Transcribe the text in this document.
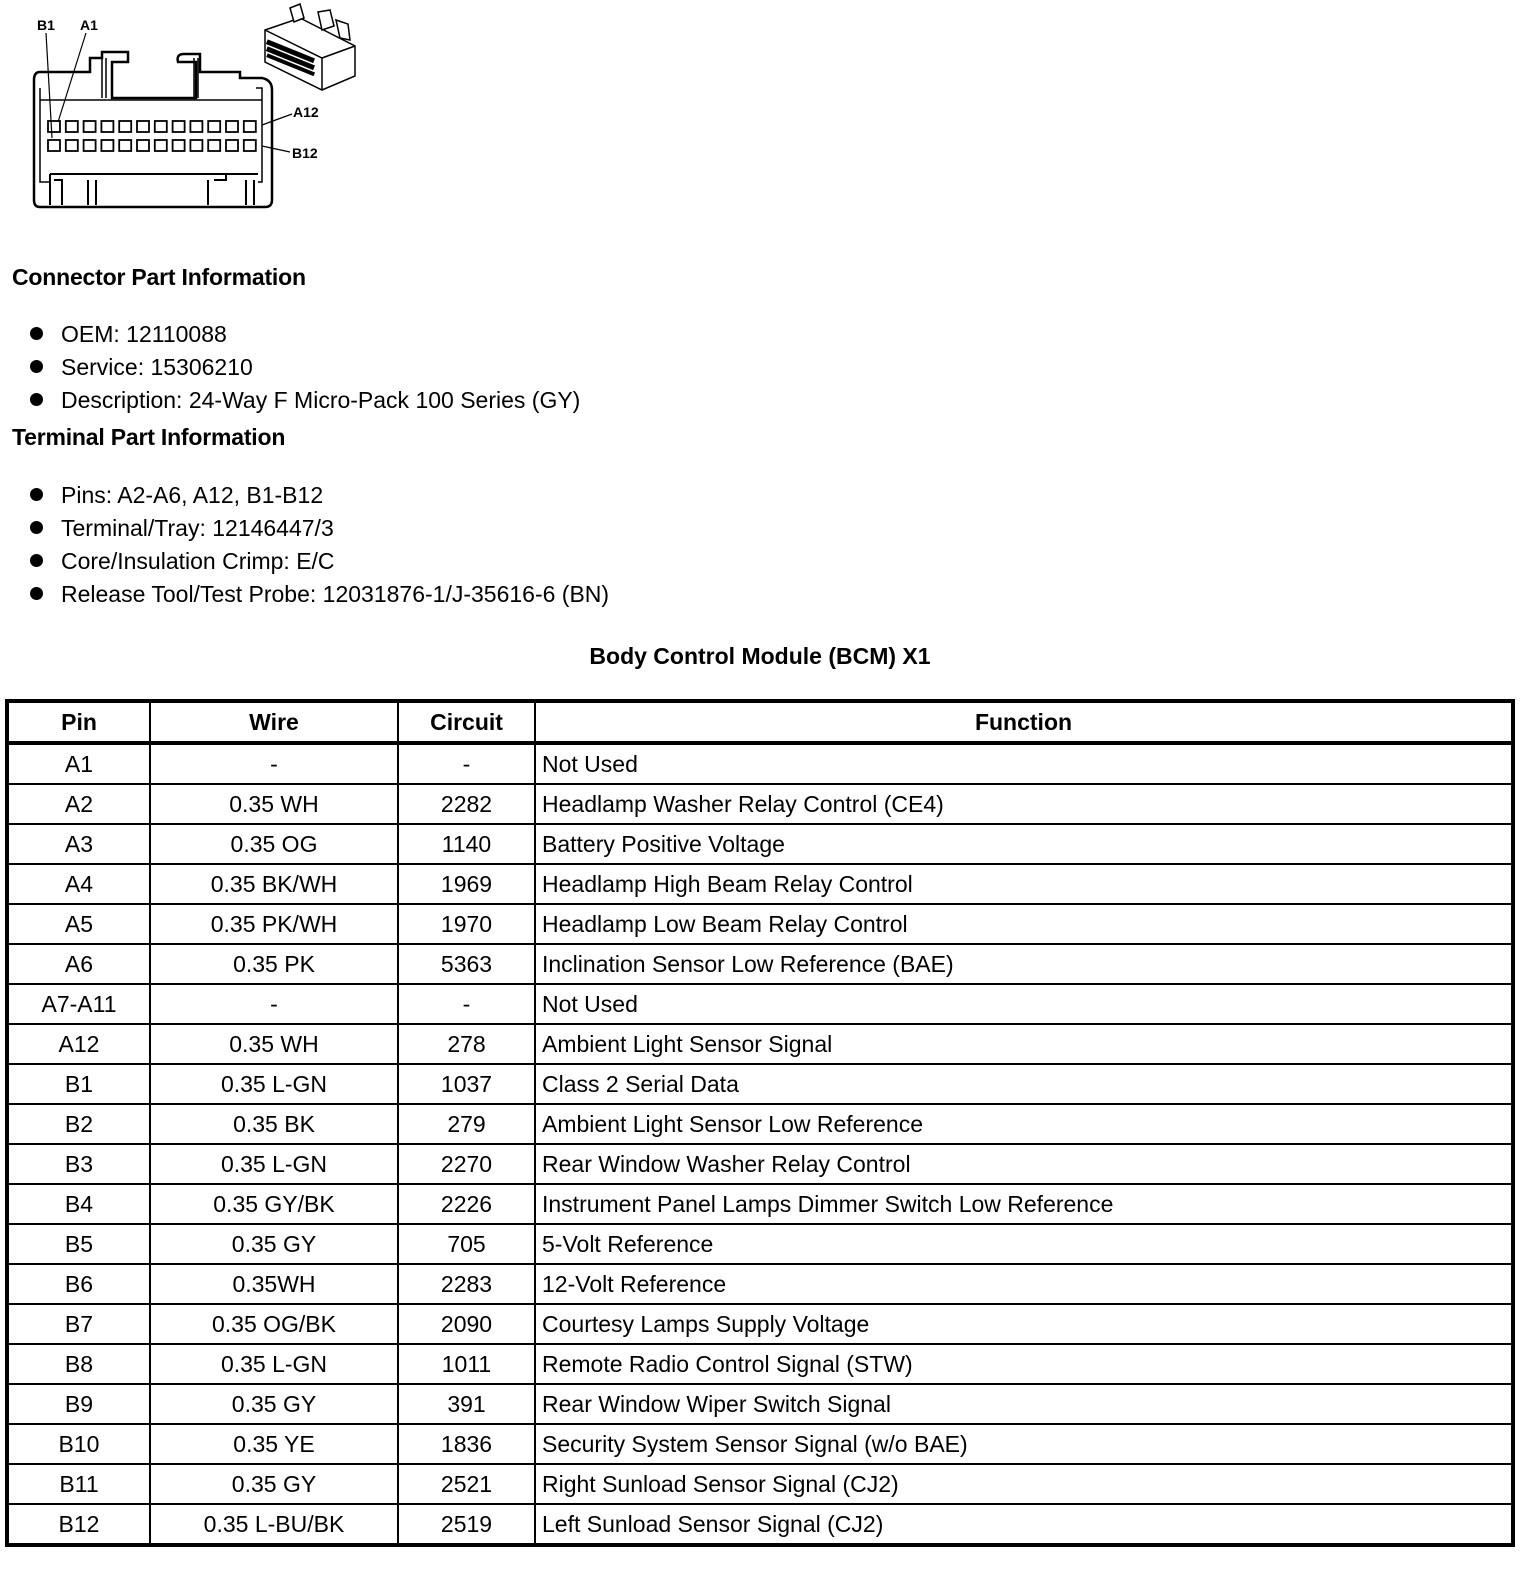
B1 A1
A12
B12
Connector Part Information
OEM: 12110088
Service: 15306210
Description: 24-Way F Micro-Pack 100 Series (GY)
Terminal Part Information
Pins: A2-A6, A12, B1-B12
Terminal/Tray: 12146447/3
Core/Insulation Crimp: E/C
Release Tool/Test Probe: 12031876-1/J-35616-6 (BN)
Body Control Module (BCM) X1
Pin	Wire	Circuit	Function
A1	-	-	Not Used
A2	0.35 WH	2282	Headlamp Washer Relay Control (CE4)
A3	0.35 OG	1140	Battery Positive Voltage
A4	0.35 BK/WH	1969	Headlamp High Beam Relay Control
A5	0.35 PK/WH	1970	Headlamp Low Beam Relay Control
A6	0.35 PK	5363	Inclination Sensor Low Reference (BAE)
A7-A11	-	-	Not Used
A12	0.35 WH	278	Ambient Light Sensor Signal
B1	0.35 L-GN	1037	Class 2 Serial Data
B2	0.35 BK	279	Ambient Light Sensor Low Reference
B3	0.35 L-GN	2270	Rear Window Washer Relay Control
B4	0.35 GY/BK	2226	Instrument Panel Lamps Dimmer Switch Low Reference
B5	0.35 GY	705	5-Volt Reference
B6	0.35WH	2283	12-Volt Reference
B7	0.35 OG/BK	2090	Courtesy Lamps Supply Voltage
B8	0.35 L-GN	1011	Remote Radio Control Signal (STW)
B9	0.35 GY	391	Rear Window Wiper Switch Signal
B10	0.35 YE	1836	Security System Sensor Signal (w/o BAE)
B11	0.35 GY	2521	Right Sunload Sensor Signal (CJ2)
B12	0.35 L-BU/BK	2519	Left Sunload Sensor Signal (CJ2)
